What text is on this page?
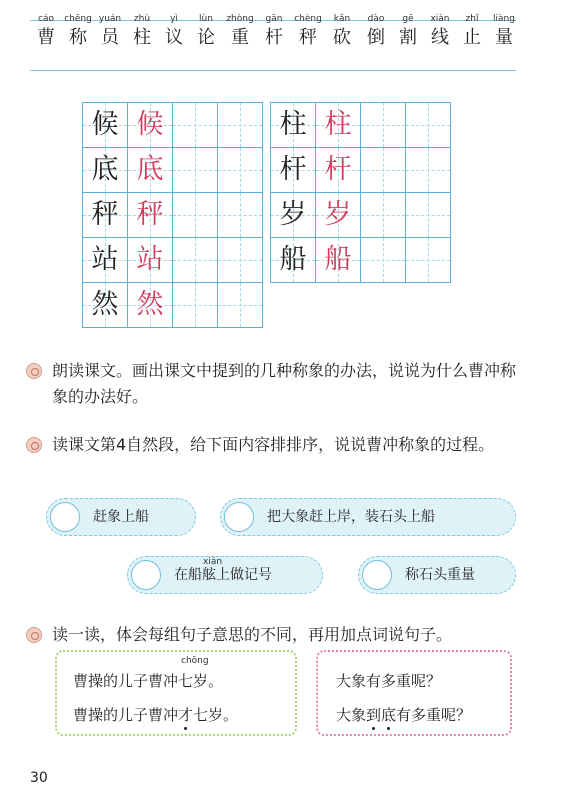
cáo
曹
chēng
称
yuán
员
zhù
柱
yì
议
lùn
论
zhòng
重
gān
杆
chèng
秤
kǎn
砍
dào
倒
gē
割
xiàn
线
zhǐ
止
liàng
量
候 候
底 底
秤 秤
站 站
然 然
柱 柱
杆 杆
岁 岁
船 船
朗读课文。画出课文中提到的几种称象的办法，说说为什么曹冲称象的办法好。
读课文第4自然段，给下面内容排排序，说说曹冲称象的过程。
赶象上船	把大象赶上岸，装石头上船
在船舷上做记号
xián
称石头重量
读一读，体会每组句子意思的不同，再用加点词说句子。
chōng
曹操的儿子曹冲七岁。
曹操的儿子曹冲才七岁。
大象有多重呢？
大象到底有多重呢？
30
